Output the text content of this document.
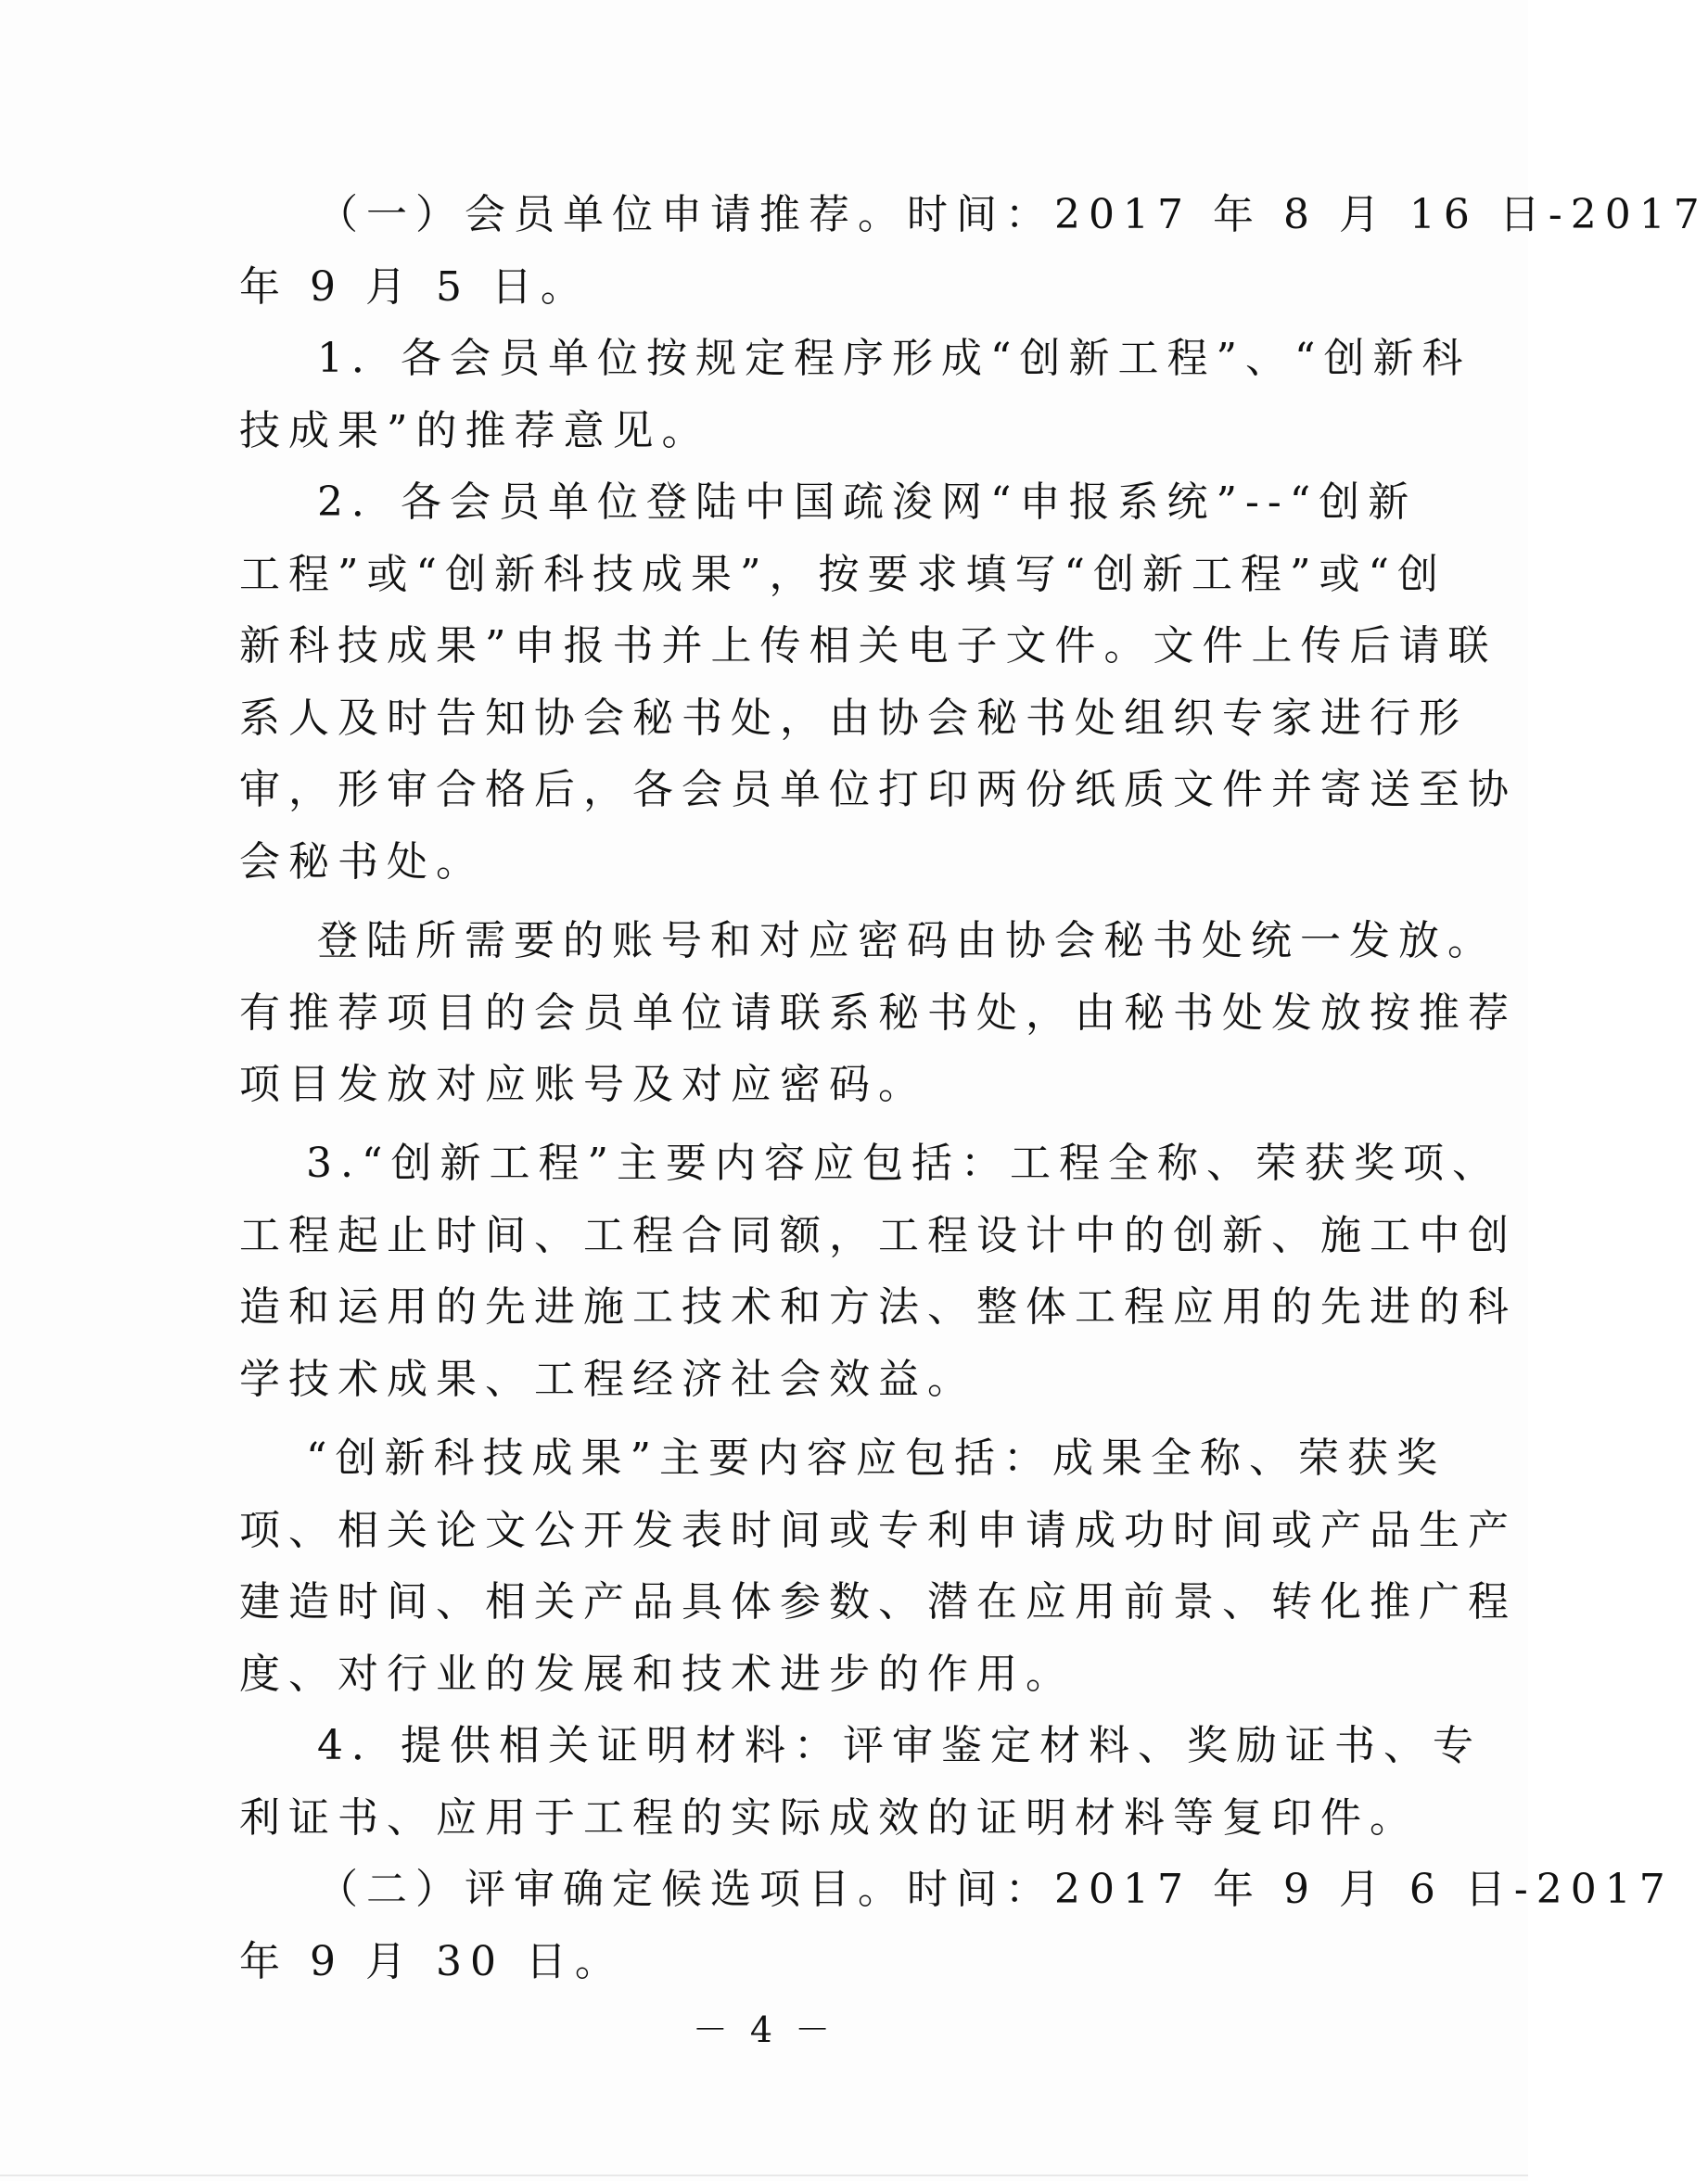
（一）会员单位申请推荐。时间：2017 年 8 月 16 日-2017
年 9 月 5 日。
1．各会员单位按规定程序形成“创新工程”、“创新科
技成果”的推荐意见。
2．各会员单位登陆中国疏浚网“申报系统”--“创新
工程”或“创新科技成果”，按要求填写“创新工程”或“创
新科技成果”申报书并上传相关电子文件。文件上传后请联
系人及时告知协会秘书处，由协会秘书处组织专家进行形
审，形审合格后，各会员单位打印两份纸质文件并寄送至协
会秘书处。
登陆所需要的账号和对应密码由协会秘书处统一发放。
有推荐项目的会员单位请联系秘书处，由秘书处发放按推荐
项目发放对应账号及对应密码。
3.“创新工程”主要内容应包括：工程全称、荣获奖项、
工程起止时间、工程合同额，工程设计中的创新、施工中创
造和运用的先进施工技术和方法、整体工程应用的先进的科
学技术成果、工程经济社会效益。
“创新科技成果”主要内容应包括：成果全称、荣获奖
项、相关论文公开发表时间或专利申请成功时间或产品生产
建造时间、相关产品具体参数、潜在应用前景、转化推广程
度、对行业的发展和技术进步的作用。
4．提供相关证明材料：评审鉴定材料、奖励证书、专
利证书、应用于工程的实际成效的证明材料等复印件。
（二）评审确定候选项目。时间：2017 年 9 月 6 日-2017
年 9 月 30 日。
－ 4 －
